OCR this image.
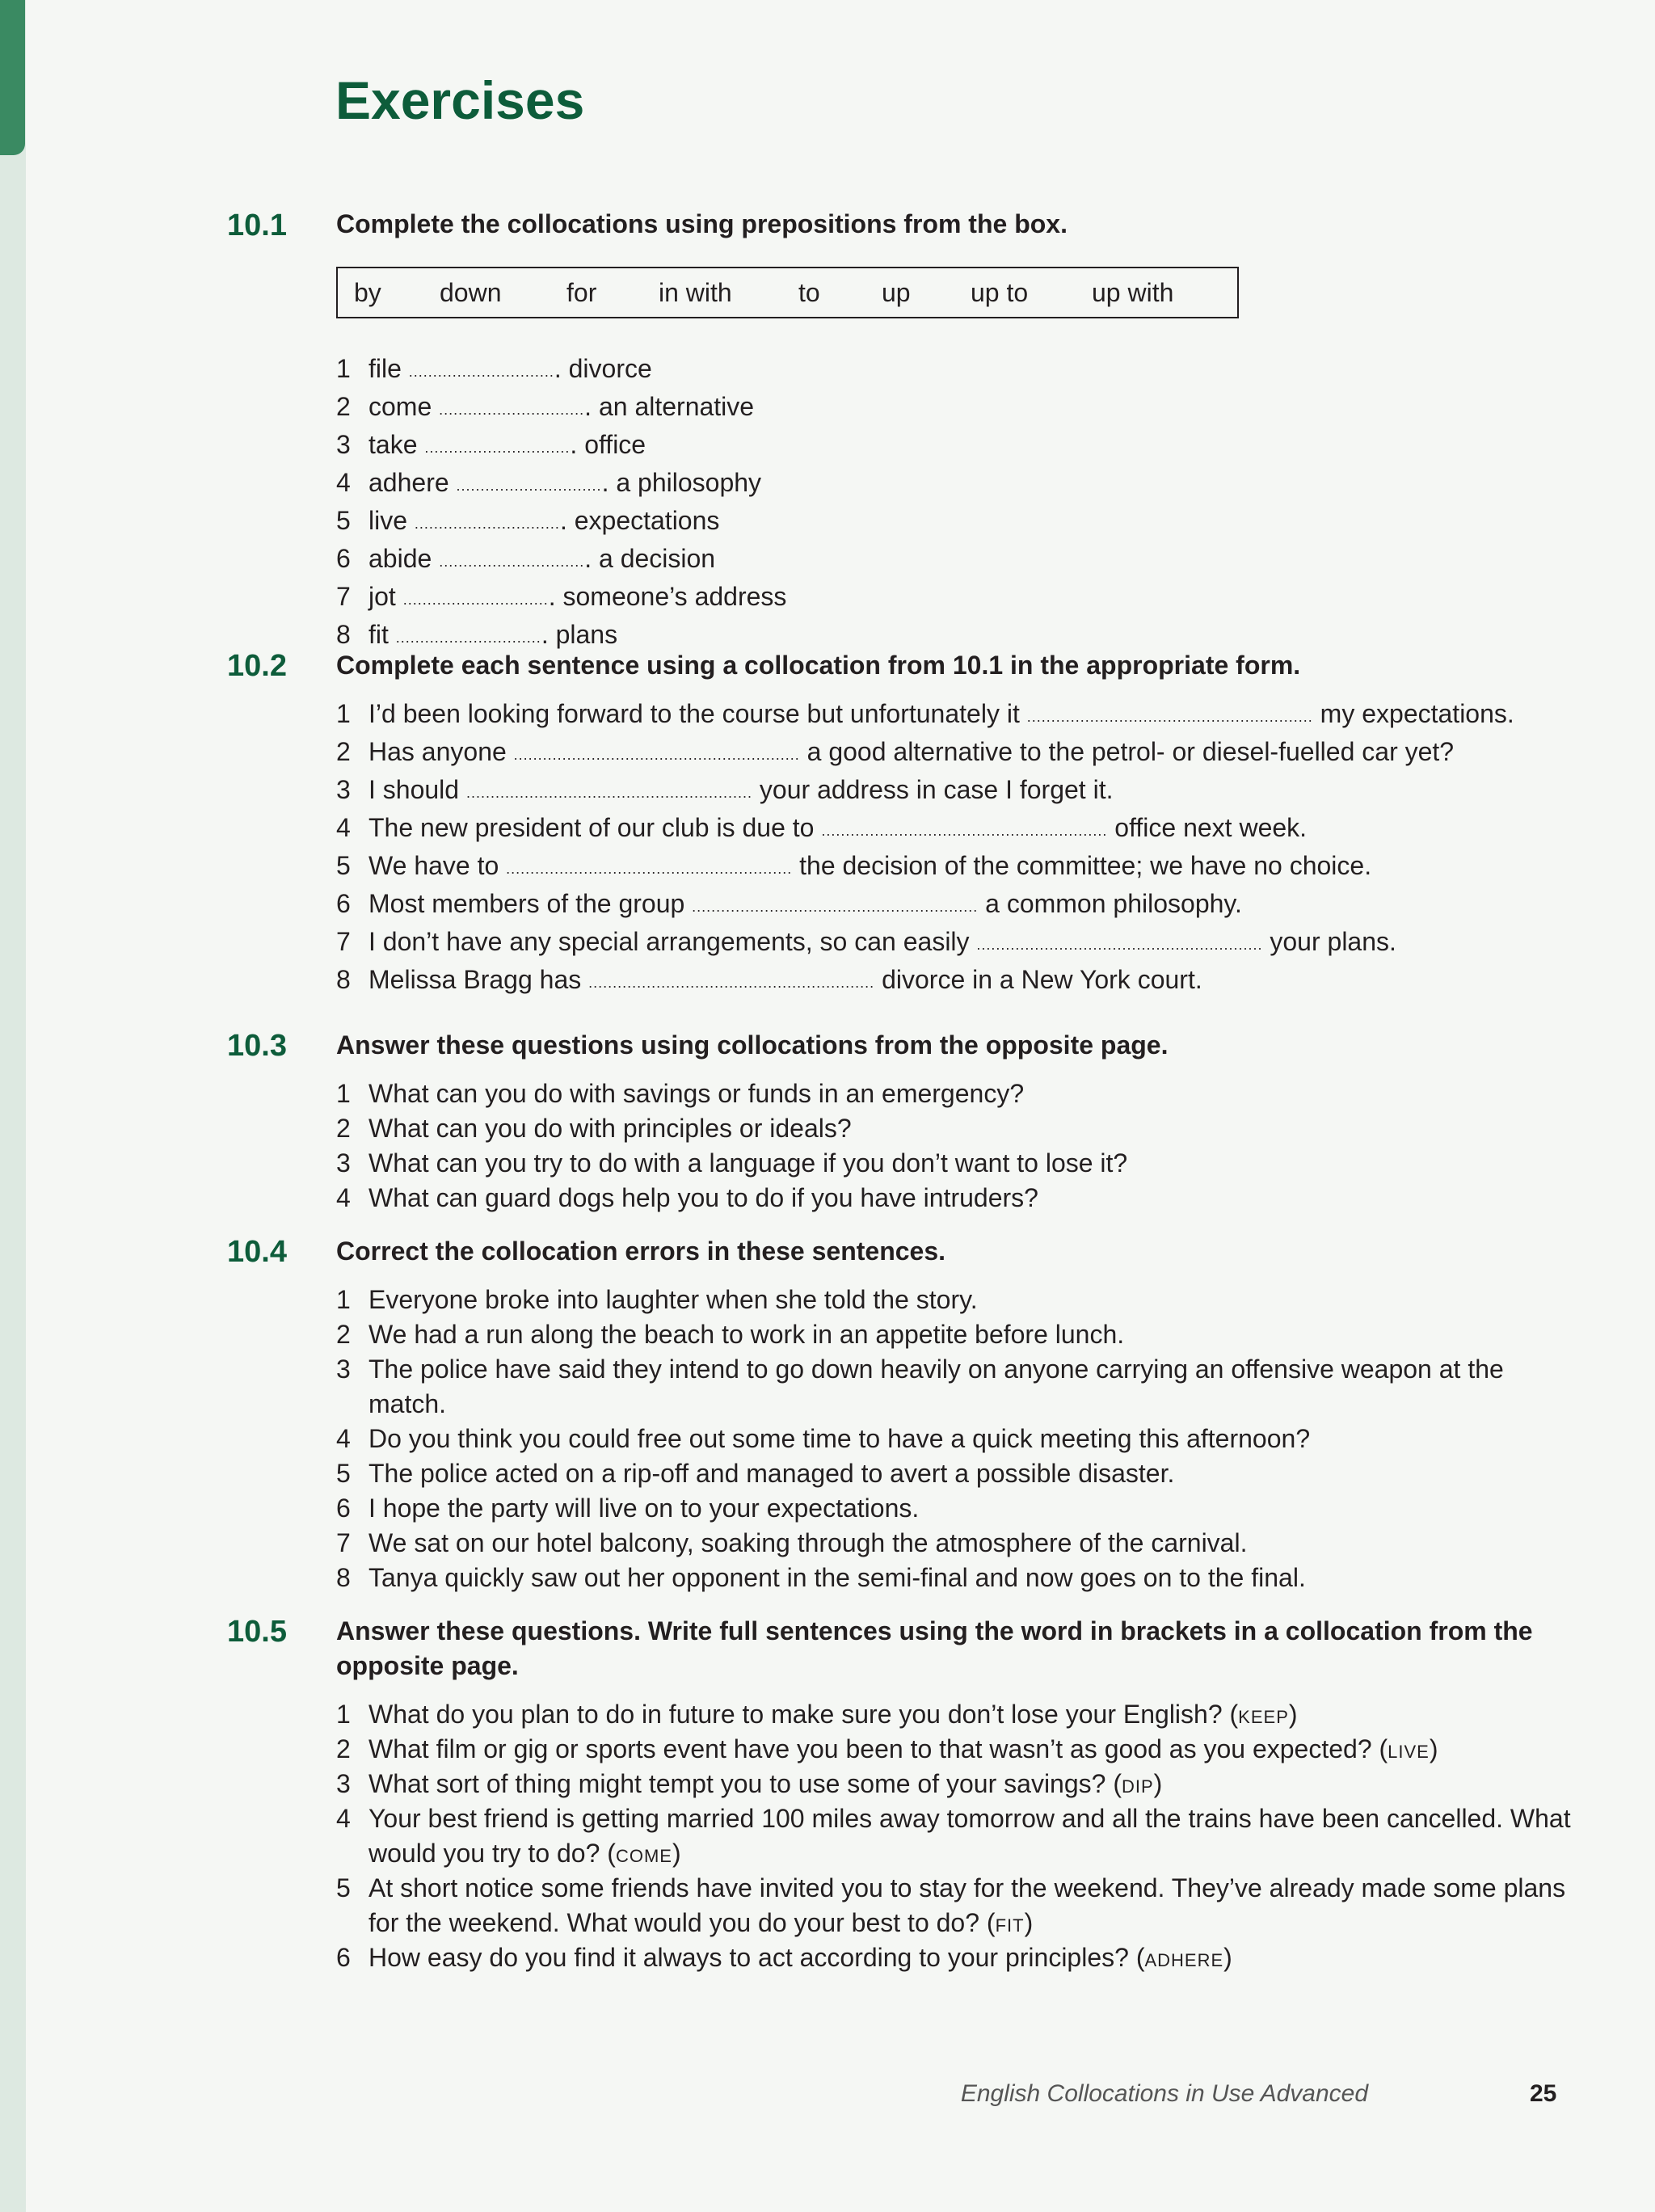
Exercises
10.1 Complete the collocations using prepositions from the box.
by down	for in with	to up up to up with
1 file ............................... divorce
2 come ............................... an alternative
3 take ............................... office
4 adhere ............................... a philosophy
5 live ............................... expectations
6 abide ............................... a decision
7 jot ............................... someone’s address
8 fit ............................... plans
10.2 Complete each sentence using a collocation from 10.1 in the appropriate form.
1 I’d been looking forward to the course but unfortunately it ........................................................... my expectations.
2 Has anyone ........................................................... a good alternative to the petrol- or diesel-fuelled car yet?
3 I should ........................................................... your address in case I forget it.
4 The new president of our club is due to ........................................................... office next week.
5 We have to ........................................................... the decision of the committee; we have no choice.
6 Most members of the group ........................................................... a common philosophy.
7 I don’t have any special arrangements, so can easily ........................................................... your plans.
8 Melissa Bragg has ........................................................... divorce in a New York court.
10.3 Answer these questions using collocations from the opposite page.
1 What can you do with savings or funds in an emergency?
2 What can you do with principles or ideals?
3 What can you try to do with a language if you don’t want to lose it?
4 What can guard dogs help you to do if you have intruders?
10.4 Correct the collocation errors in these sentences.
1 Everyone broke into laughter when she told the story.
2 We had a run along the beach to work in an appetite before lunch.
3 The police have said they intend to go down heavily on anyone carrying an offensive weapon at the match.
4 Do you think you could free out some time to have a quick meeting this afternoon?
5 The police acted on a rip-off and managed to avert a possible disaster.
6 I hope the party will live on to your expectations.
7 We sat on our hotel balcony, soaking through the atmosphere of the carnival.
8 Tanya quickly saw out her opponent in the semi-final and now goes on to the final.
10.5 Answer these questions. Write full sentences using the word in brackets in a collocation from the opposite page.
1 What do you plan to do in future to make sure you don’t lose your English? (keep)
2 What film or gig or sports event have you been to that wasn’t as good as you expected? (live)
3 What sort of thing might tempt you to use some of your savings? (dip)
4 Your best friend is getting married 100 miles away tomorrow and all the trains have been cancelled. What would you try to do? (come)
5 At short notice some friends have invited you to stay for the weekend. They’ve already made some plans for the weekend. What would you do your best to do? (fit)
6 How easy do you find it always to act according to your principles? (adhere)
English Collocations in Use Advanced	25
